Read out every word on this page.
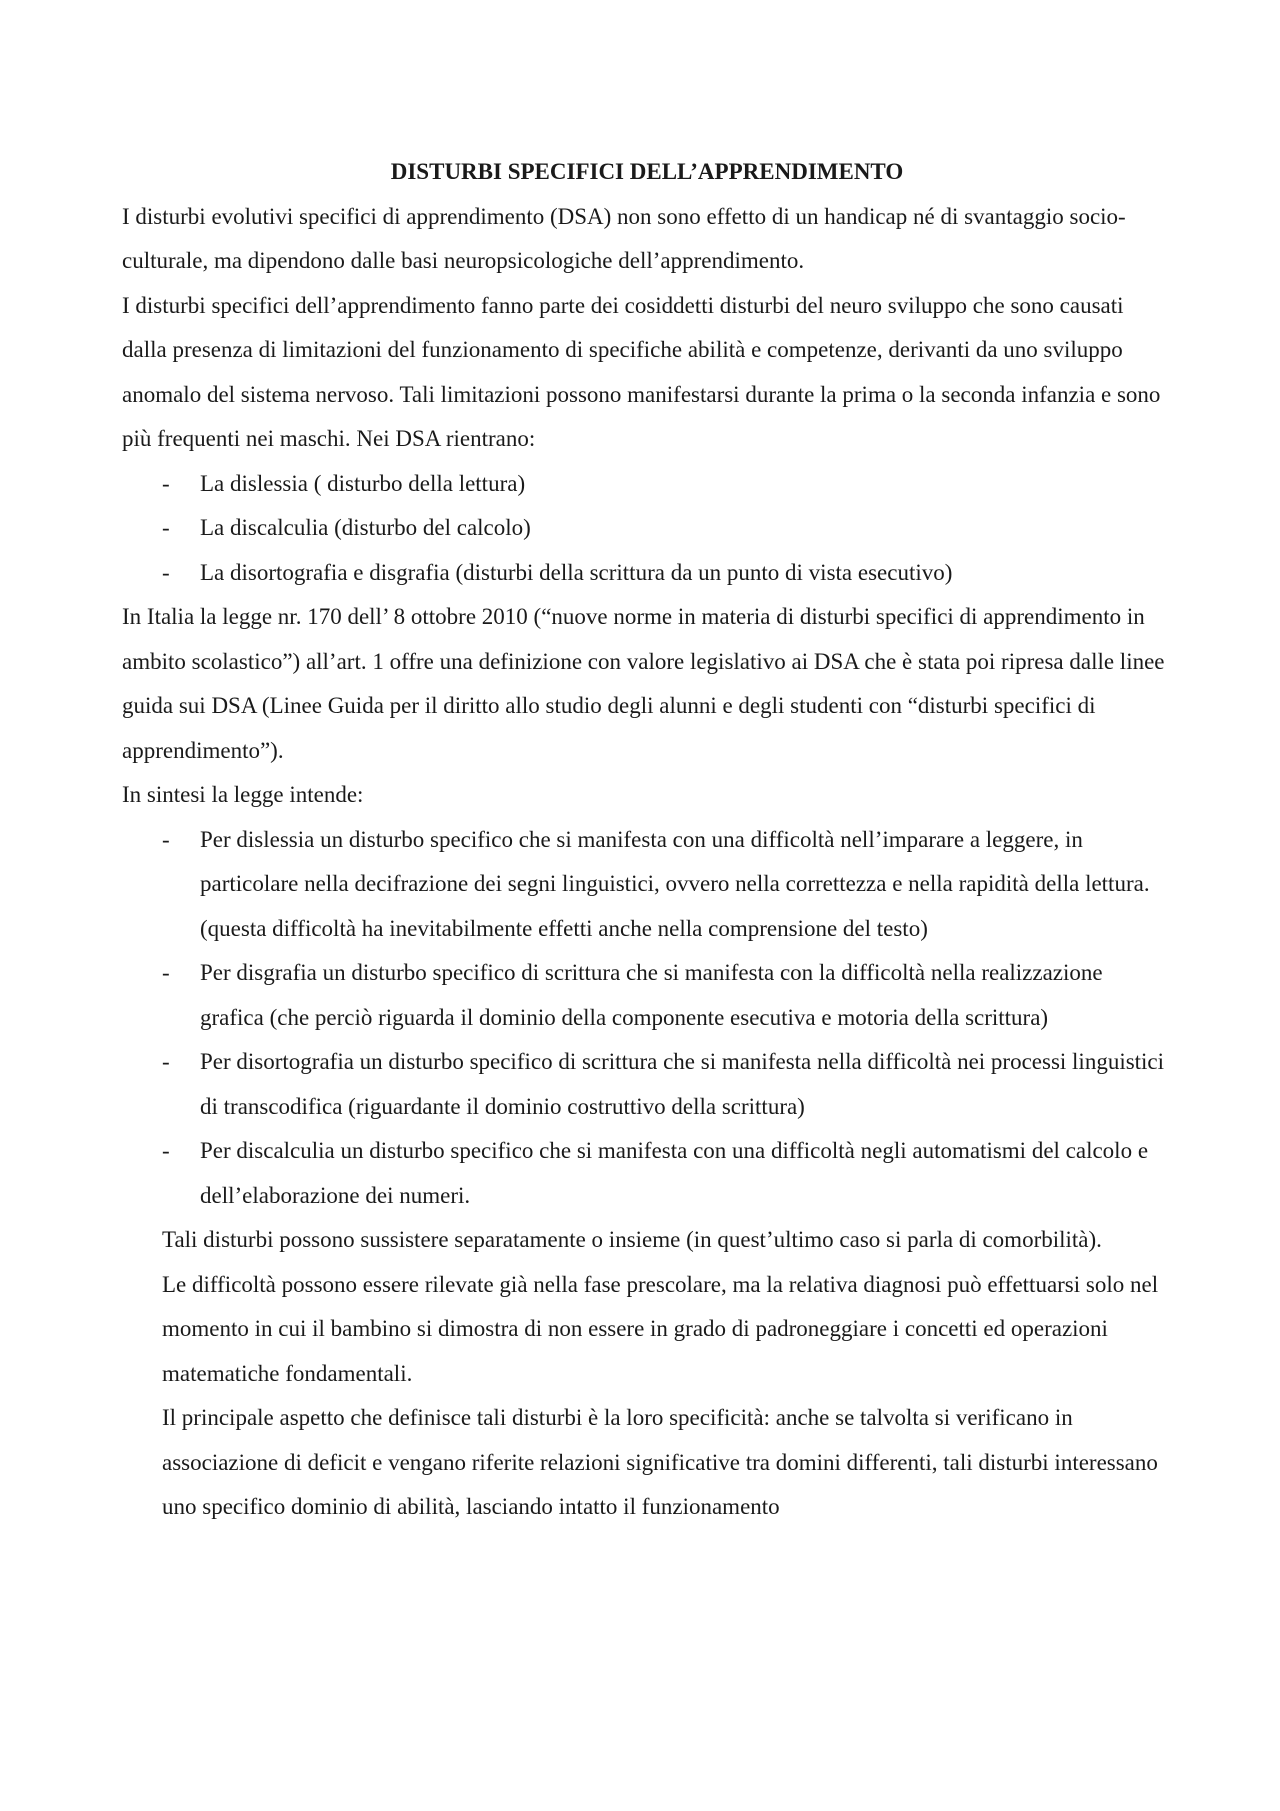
DISTURBI SPECIFICI DELL’APPRENDIMENTO

I disturbi evolutivi specifici di apprendimento (DSA) non sono effetto di un handicap né di svantaggio socio-culturale, ma dipendono dalle basi neuropsicologiche dell’apprendimento.

I disturbi specifici dell’apprendimento fanno parte dei cosiddetti disturbi del neuro sviluppo che sono causati dalla presenza di limitazioni del funzionamento di specifiche abilità e competenze, derivanti da uno sviluppo anomalo del sistema nervoso. Tali limitazioni possono manifestarsi durante la prima o la seconda infanzia e sono più frequenti nei maschi. Nei DSA rientrano:

- La dislessia ( disturbo della lettura)
- La discalculia (disturbo del calcolo)
- La disortografia e disgrafia (disturbi della scrittura da un punto di vista esecutivo)

In Italia la legge nr. 170 dell’ 8 ottobre 2010 (“nuove norme in materia di disturbi specifici di apprendimento in ambito scolastico”) all’art. 1 offre una definizione con valore legislativo ai DSA che è stata poi ripresa dalle linee guida sui DSA (Linee Guida per il diritto allo studio degli alunni e degli studenti con “disturbi specifici di apprendimento”).

In sintesi la legge intende:

- Per dislessia un disturbo specifico che si manifesta con una difficoltà nell’imparare a leggere, in particolare nella decifrazione dei segni linguistici, ovvero nella correttezza e nella rapidità della lettura. (questa difficoltà ha inevitabilmente effetti anche nella comprensione del testo)
- Per disgrafia un disturbo specifico di scrittura che si manifesta con la difficoltà nella realizzazione grafica (che perciò riguarda il dominio della componente esecutiva e motoria della scrittura)
- Per disortografia un disturbo specifico di scrittura che si manifesta nella difficoltà nei processi linguistici di transcodifica (riguardante il dominio costruttivo della scrittura)
- Per discalculia un disturbo specifico che si manifesta con una difficoltà negli automatismi del calcolo e dell’elaborazione dei numeri.

Tali disturbi possono sussistere separatamente o insieme (in quest’ultimo caso si parla di comorbilità).

Le difficoltà possono essere rilevate già nella fase prescolare, ma la relativa diagnosi può effettuarsi solo nel momento in cui il bambino si dimostra di non essere in grado di padroneggiare i concetti ed operazioni matematiche fondamentali.

Il principale aspetto che definisce tali disturbi è la loro specificità: anche se talvolta si verificano in associazione di deficit e vengano riferite relazioni significative tra domini differenti, tali disturbi interessano uno specifico dominio di abilità, lasciando intatto il funzionamento
